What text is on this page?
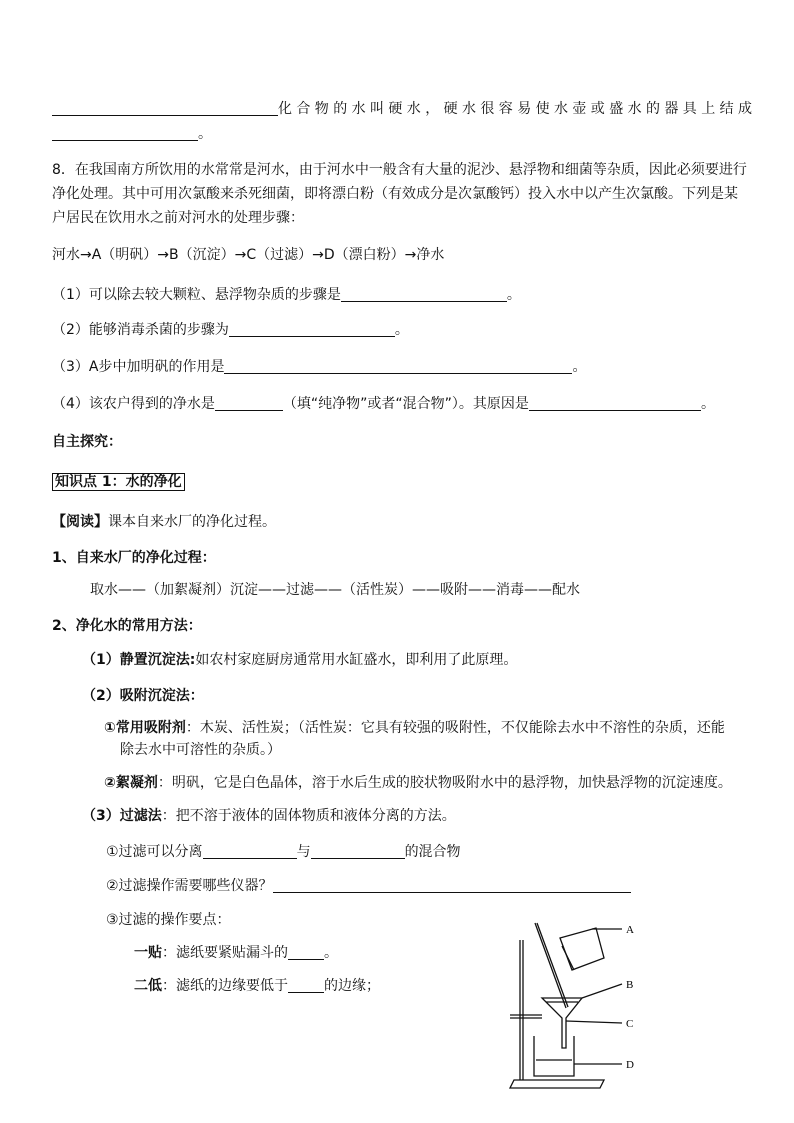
化合物的水叫硬水，硬水很容易使水壶或盛水的器具上结成
。
8．在我国南方所饮用的水常常是河水，由于河水中一般含有大量的泥沙、悬浮物和细菌等杂质，因此必须要进行
净化处理。其中可用次氯酸来杀死细菌，即将漂白粉（有效成分是次氯酸钙）投入水中以产生次氯酸。下列是某
户居民在饮用水之前对河水的处理步骤：
河水→A（明矾）→B（沉淀）→C（过滤）→D（漂白粉）→净水
（1）可以除去较大颗粒、悬浮物杂质的步骤是	。
（2）能够消毒杀菌的步骤为	。
（3）A步中加明矾的作用是	。
（4）该农户得到的净水是	（填“纯净物”或者“混合物”）。其原因是	。
自主探究：
知识点 1：水的净化
【阅读】课本自来水厂的净化过程。
1、自来水厂的净化过程：
取水——（加絮凝剂）沉淀——过滤——（活性炭）——吸附——消毒——配水
2、净化水的常用方法：
（1）静置沉淀法:如农村家庭厨房通常用水缸盛水，即利用了此原理。
（2）吸附沉淀法：
①常用吸附剂：木炭、活性炭；（活性炭：它具有较强的吸附性，不仅能除去水中不溶性的杂质，还能
除去水中可溶性的杂质。）
②絮凝剂：明矾，它是白色晶体，溶于水后生成的胶状物吸附水中的悬浮物，加快悬浮物的沉淀速度。
（3）过滤法：把不溶于液体的固体物质和液体分离的方法。
①过滤可以分离	与	的混合物
②过滤操作需要哪些仪器？
③过滤的操作要点：
一贴：滤纸要紧贴漏斗的	。
二低：滤纸的边缘要低于	的边缘；
A
B
C
D
